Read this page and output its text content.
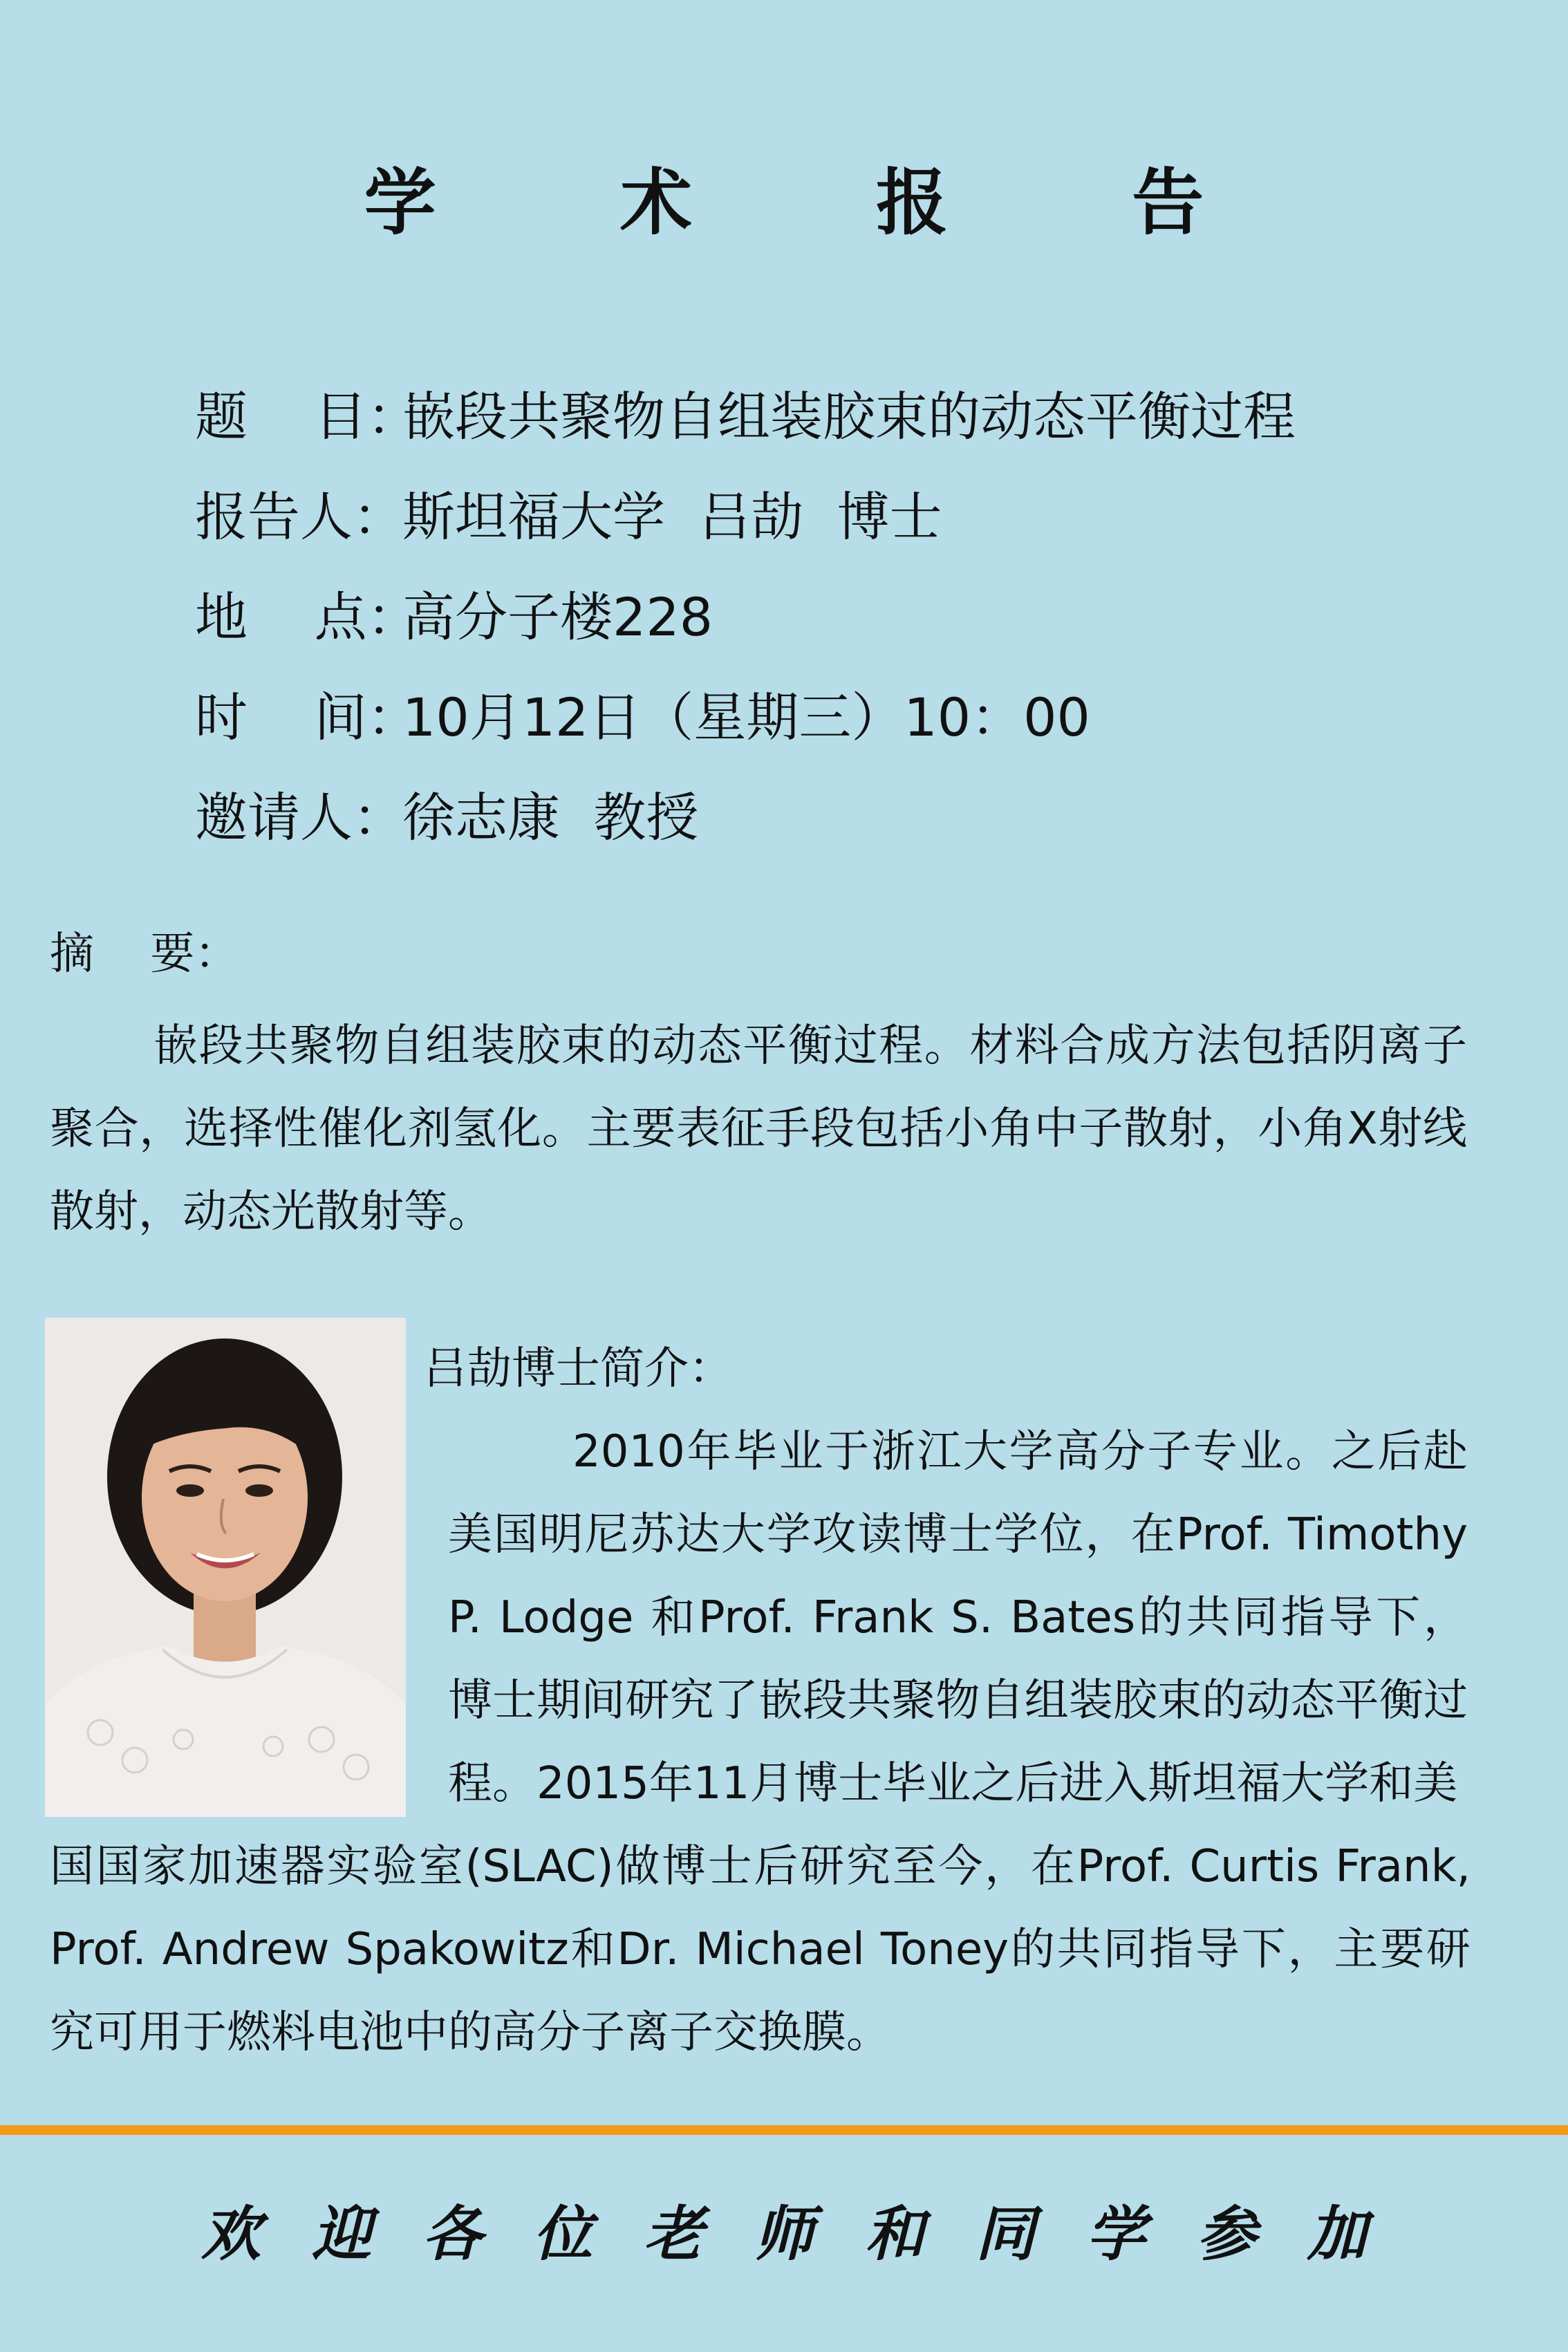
学 术 报 告
题    目：
嵌段共聚物自组装胶束的动态平衡过程
报告人：
斯坦福大学  吕劼  博士
地    点：
高分子楼228
时    间：
10月12日（星期三）10：00
邀请人：
徐志康  教授
摘    要：
嵌段共聚物自组装胶束的动态平衡过程。材料合成方法包括阴离子聚合，选择性催化剂氢化。主要表征手段包括小角中子散射，小角X射线散射，动态光散射等。
吕劼博士简介：
2010年毕业于浙江大学高分子专业。之后赴美国明尼苏达大学攻读博士学位，在Prof. Timothy P. Lodge 和Prof. Frank S. Bates的共同指导下，博士期间研究了嵌段共聚物自组装胶束的动态平衡过程。2015年11月博士毕业之后进入斯坦福大学和美
国国家加速器实验室(SLAC)做博士后研究至今，在Prof. Curtis Frank, Prof. Andrew Spakowitz和Dr. Michael Toney的共同指导下，主要研究可用于燃料电池中的高分子离子交换膜。
欢迎各位老师和同学参加
